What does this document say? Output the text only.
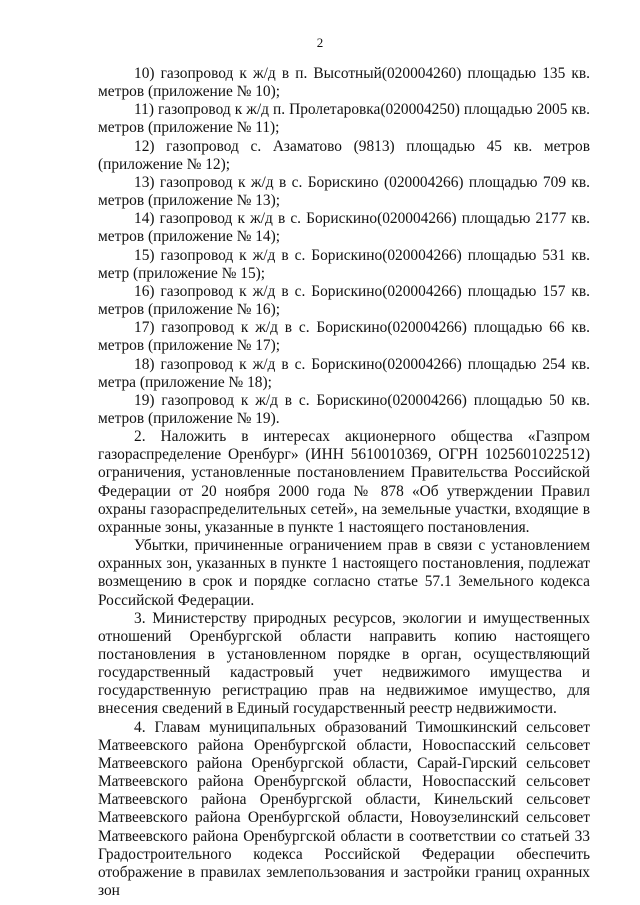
2

10) газопровод к ж/д в п. Высотный(020004260) площадью 135 кв. метров (приложение № 10);

11) газопровод к ж/д п. Пролетаровка(020004250) площадью 2005 кв. метров (приложение № 11);

12) газопровод с. Азаматово (9813) площадью 45 кв. метров (приложение № 12);

13) газопровод к ж/д в с. Борискино (020004266) площадью 709 кв. метров (приложение № 13);

14) газопровод к ж/д в с. Борискино(020004266) площадью 2177 кв. метров (приложение № 14);

15) газопровод к ж/д в с. Борискино(020004266) площадью 531 кв. метр (приложение № 15);

16) газопровод к ж/д в с. Борискино(020004266) площадью 157 кв. метров (приложение № 16);

17) газопровод к ж/д в с. Борискино(020004266) площадью 66 кв. метров (приложение № 17);

18) газопровод к ж/д в с. Борискино(020004266) площадью 254 кв. метра (приложение № 18);

19) газопровод к ж/д в с. Борискино(020004266) площадью 50 кв. метров (приложение № 19).

2. Наложить в интересах акционерного общества «Газпром газораспределение Оренбург» (ИНН 5610010369, ОГРН 1025601022512) ограничения, установленные постановлением Правительства Российской Федерации от 20 ноября 2000 года № 878 «Об утверждении Правил охраны газораспределительных сетей», на земельные участки, входящие в охранные зоны, указанные в пункте 1 настоящего постановления.

Убытки, причиненные ограничением прав в связи с установлением охранных зон, указанных в пункте 1 настоящего постановления, подлежат возмещению в срок и порядке согласно статье 57.1 Земельного кодекса Российской Федерации.

3. Министерству природных ресурсов, экологии и имущественных отношений Оренбургской области направить копию настоящего постановления в установленном порядке в орган, осуществляющий государственный кадастровый учет недвижимого имущества и государственную регистрацию прав на недвижимое имущество, для внесения сведений в Единый государственный реестр недвижимости.

4. Главам муниципальных образований Тимошкинский сельсовет Матвеевского района Оренбургской области, Новоспасский сельсовет Матвеевского района Оренбургской области, Сарай-Гирский сельсовет Матвеевского района Оренбургской области, Новоспасский сельсовет Матвеевского района Оренбургской области, Кинельский сельсовет Матвеевского района Оренбургской области, Новоузелинский сельсовет Матвеевского района Оренбургской области в соответствии со статьей 33 Градостроительного кодекса Российской Федерации обеспечить отображение в правилах землепользования и застройки границ охранных зон
